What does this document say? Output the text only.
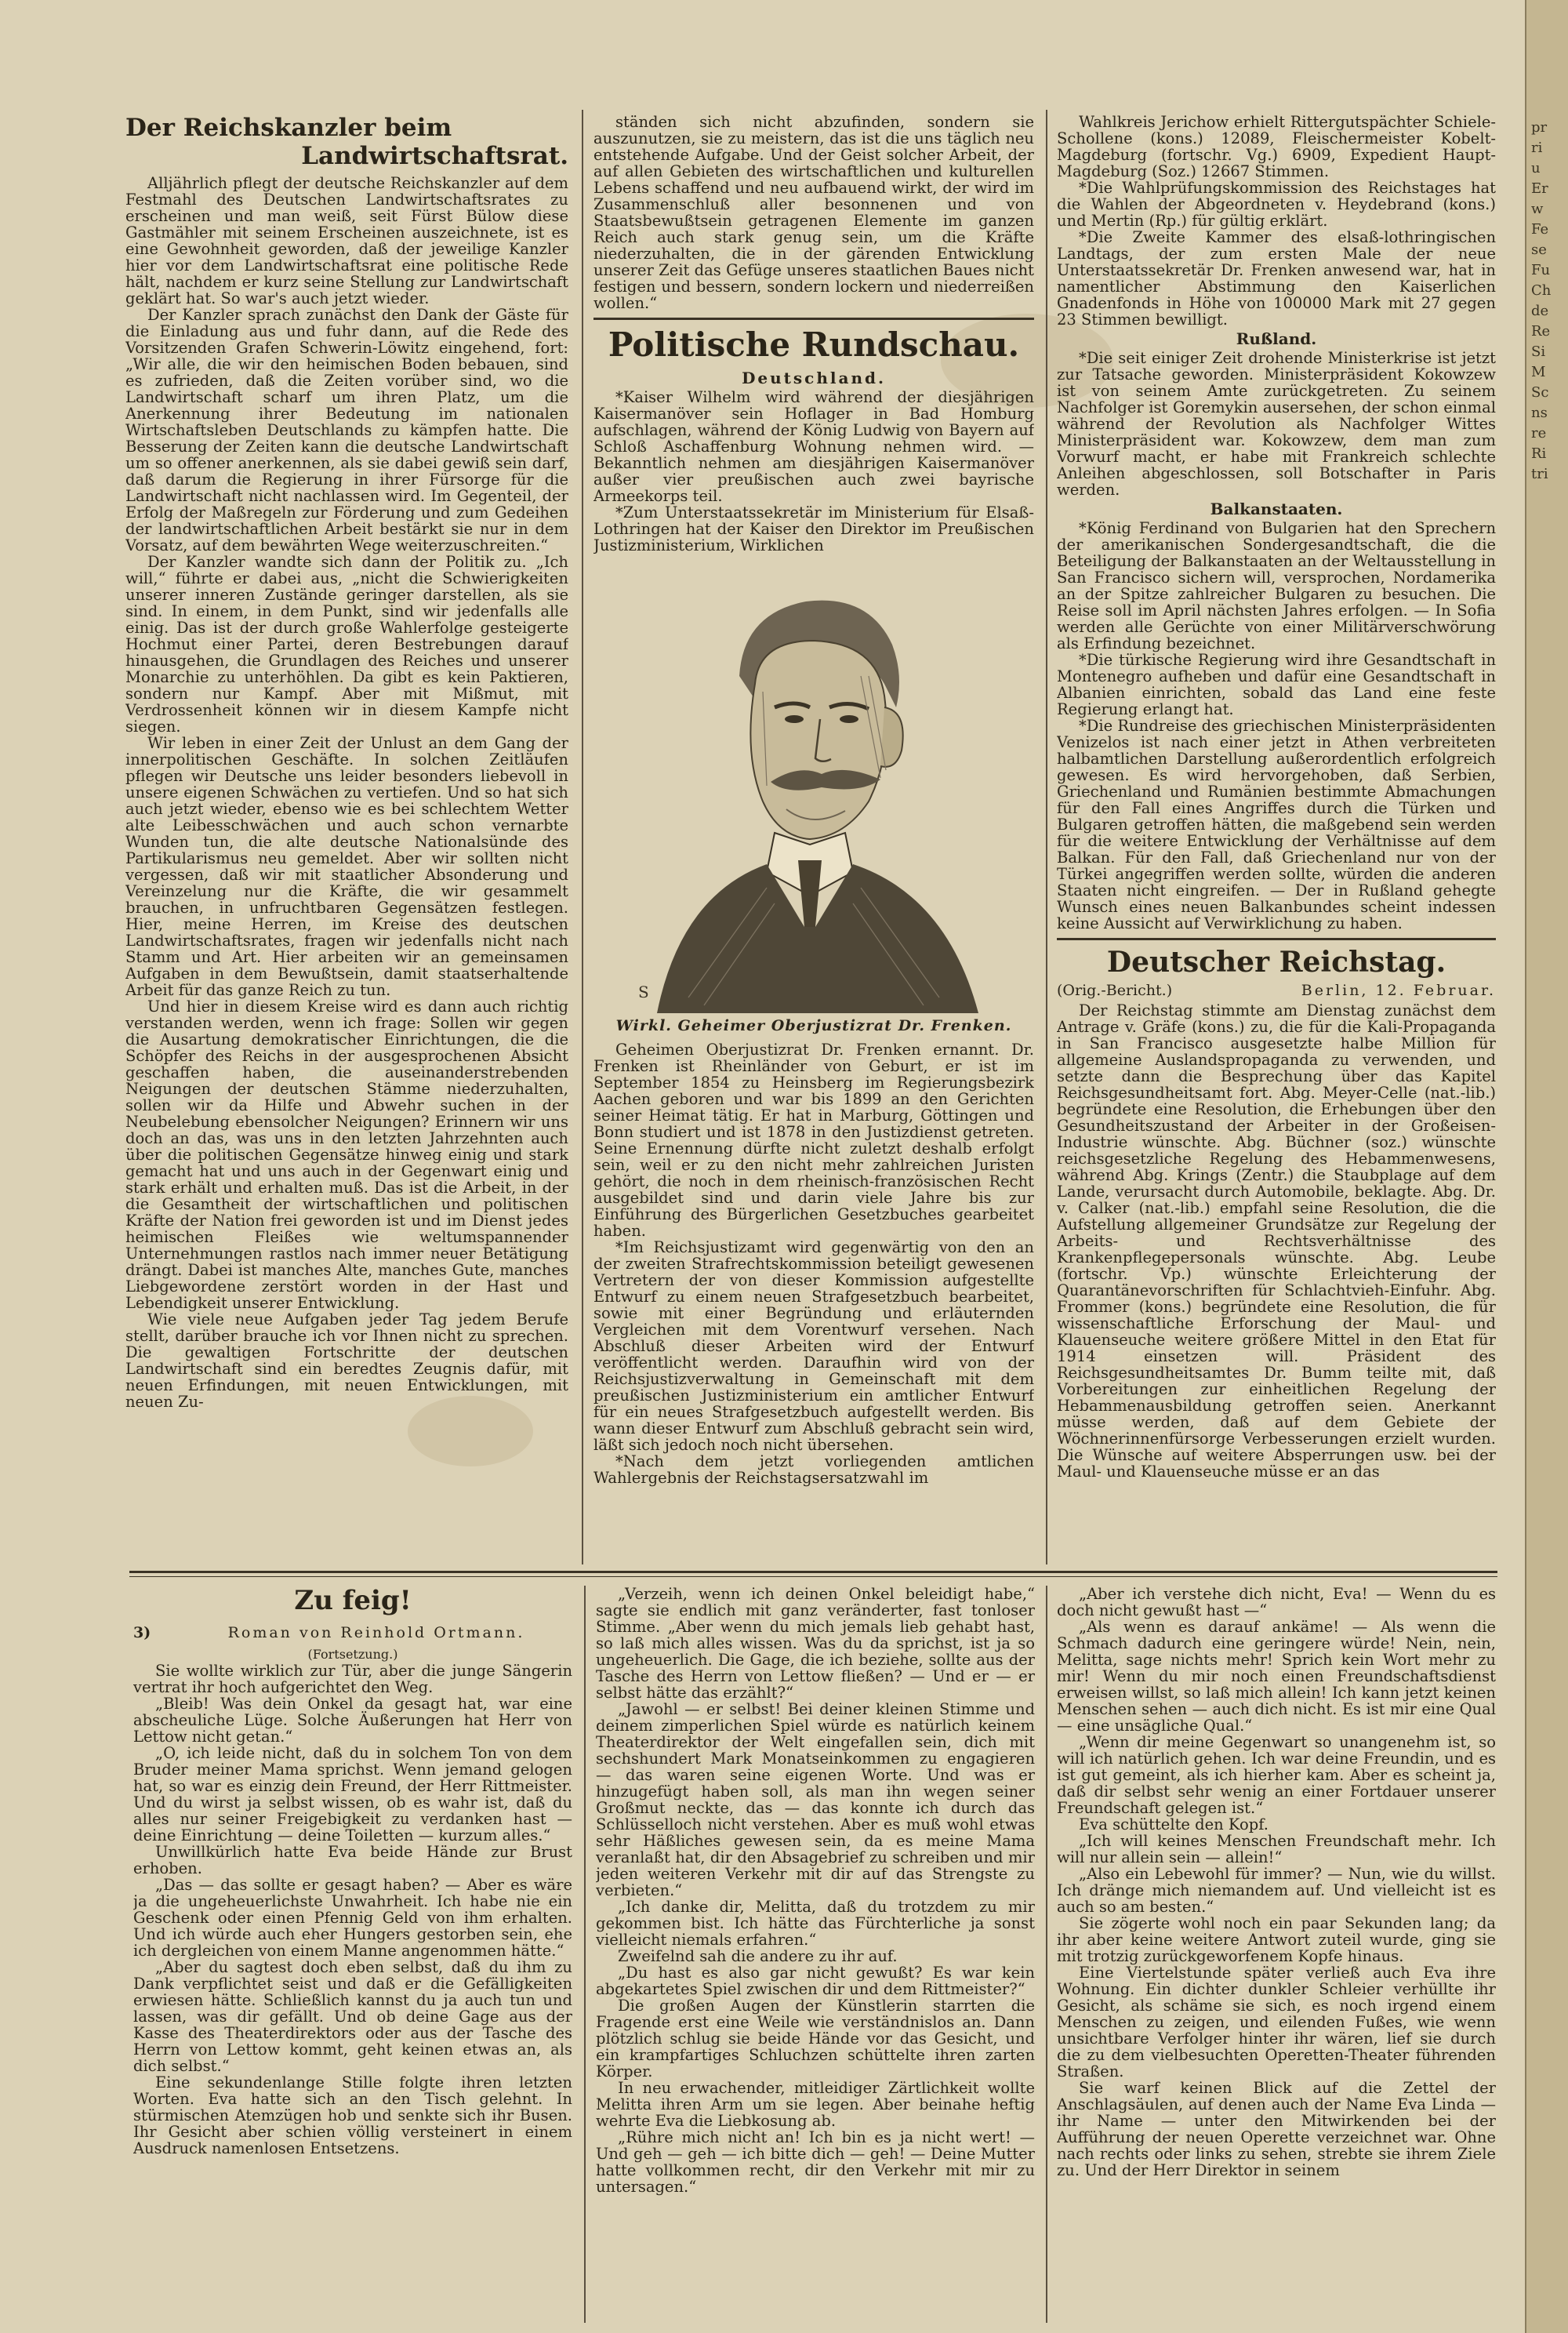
Der Reichskanzler beim
Landwirtschaftsrat.

Alljährlich pflegt der deutsche Reichskanzler auf dem Festmahl des Deutschen Landwirtschaftsrates zu erscheinen und man weiß, seit Fürst Bülow diese Gastmähler mit seinem Erscheinen auszeichnete, ist es eine Gewohnheit geworden, daß der jeweilige Kanzler hier vor dem Landwirtschaftsrat eine politische Rede hält, nachdem er kurz seine Stellung zur Landwirtschaft geklärt hat. So war's auch jetzt wieder.

Der Kanzler sprach zunächst den Dank der Gäste für die Einladung aus und fuhr dann, auf die Rede des Vorsitzenden Grafen Schwerin-Löwitz eingehend, fort: „Wir alle, die wir den heimischen Boden bebauen, sind es zufrieden, daß die Zeiten vorüber sind, wo die Landwirtschaft scharf um ihren Platz, um die Anerkennung ihrer Bedeutung im nationalen Wirtschaftsleben Deutschlands zu kämpfen hatte. Die Besserung der Zeiten kann die deutsche Landwirtschaft um so offener anerkennen, als sie dabei gewiß sein darf, daß darum die Regierung in ihrer Fürsorge für die Landwirtschaft nicht nachlassen wird. Im Gegenteil, der Erfolg der Maßregeln zur Förderung und zum Gedeihen der landwirtschaftlichen Arbeit bestärkt sie nur in dem Vorsatz, auf dem bewährten Wege weiterzuschreiten.“

Der Kanzler wandte sich dann der Politik zu. „Ich will,“ führte er dabei aus, „nicht die Schwierigkeiten unserer inneren Zustände geringer darstellen, als sie sind. In einem, in dem Punkt, sind wir jedenfalls alle einig. Das ist der durch große Wahlerfolge gesteigerte Hochmut einer Partei, deren Bestrebungen darauf hinausgehen, die Grundlagen des Reiches und unserer Monarchie zu unterhöhlen. Da gibt es kein Paktieren, sondern nur Kampf. Aber mit Mißmut, mit Verdrossenheit können wir in diesem Kampfe nicht siegen.

Wir leben in einer Zeit der Unlust an dem Gang der innerpolitischen Geschäfte. In solchen Zeitläufen pflegen wir Deutsche uns leider besonders liebevoll in unsere eigenen Schwächen zu vertiefen. Und so hat sich auch jetzt wieder, ebenso wie es bei schlechtem Wetter alte Leibesschwächen und auch schon vernarbte Wunden tun, die alte deutsche Nationalsünde des Partikularismus neu gemeldet. Aber wir sollten nicht vergessen, daß wir mit staatlicher Absonderung und Vereinzelung nur die Kräfte, die wir gesammelt brauchen, in unfruchtbaren Gegensätzen festlegen. Hier, meine Herren, im Kreise des deutschen Landwirtschaftsrates, fragen wir jedenfalls nicht nach Stamm und Art. Hier arbeiten wir an gemeinsamen Aufgaben in dem Bewußtsein, damit staatserhaltende Arbeit für das ganze Reich zu tun.

Und hier in diesem Kreise wird es dann auch richtig verstanden werden, wenn ich frage: Sollen wir gegen die Ausartung demokratischer Einrichtungen, die die Schöpfer des Reichs in der ausgesprochenen Absicht geschaffen haben, die auseinanderstrebenden Neigungen der deutschen Stämme niederzuhalten, sollen wir da Hilfe und Abwehr suchen in der Neubelebung ebensolcher Neigungen? Erinnern wir uns doch an das, was uns in den letzten Jahrzehnten auch über die politischen Gegensätze hinweg einig und stark gemacht hat und uns auch in der Gegenwart einig und stark erhält und erhalten muß. Das ist die Arbeit, in der die Gesamtheit der wirtschaftlichen und politischen Kräfte der Nation frei geworden ist und im Dienst jedes heimischen Fleißes wie weltumspannender Unternehmungen rastlos nach immer neuer Betätigung drängt. Dabei ist manches Alte, manches Gute, manches Liebgewordene zerstört worden in der Hast und Lebendigkeit unserer Entwicklung.

Wie viele neue Aufgaben jeder Tag jedem Berufe stellt, darüber brauche ich vor Ihnen nicht zu sprechen. Die gewaltigen Fortschritte der deutschen Landwirtschaft sind ein beredtes Zeugnis dafür, mit neuen Erfindungen, mit neuen Entwicklungen, mit neuen Zu-

ständen sich nicht abzufinden, sondern sie auszunutzen, sie zu meistern, das ist die uns täglich neu entstehende Aufgabe. Und der Geist solcher Arbeit, der auf allen Gebieten des wirtschaftlichen und kulturellen Lebens schaffend und neu aufbauend wirkt, der wird im Zusammenschluß aller besonnenen und von Staatsbewußtsein getragenen Elemente im ganzen Reich auch stark genug sein, um die Kräfte niederzuhalten, die in der gärenden Entwicklung unserer Zeit das Gefüge unseres staatlichen Baues nicht festigen und bessern, sondern lockern und niederreißen wollen.“

Politische Rundschau.
Deutschland.

*Kaiser Wilhelm wird während der diesjährigen Kaisermanöver sein Hoflager in Bad Homburg aufschlagen, während der König Ludwig von Bayern auf Schloß Aschaffenburg Wohnung nehmen wird. — Bekanntlich nehmen am diesjährigen Kaisermanöver außer vier preußischen auch zwei bayrische Armeekorps teil.

*Zum Unterstaatssekretär im Ministerium für Elsaß-Lothringen hat der Kaiser den Direktor im Preußischen Justizministerium, Wirklichen

S
Wirkl. Geheimer Oberjustizrat Dr. Frenken.

Geheimen Oberjustizrat Dr. Frenken ernannt. Dr. Frenken ist Rheinländer von Geburt, er ist im September 1854 zu Heinsberg im Regierungsbezirk Aachen geboren und war bis 1899 an den Gerichten seiner Heimat tätig. Er hat in Marburg, Göttingen und Bonn studiert und ist 1878 in den Justizdienst getreten. Seine Ernennung dürfte nicht zuletzt deshalb erfolgt sein, weil er zu den nicht mehr zahlreichen Juristen gehört, die noch in dem rheinisch-französischen Recht ausgebildet sind und darin viele Jahre bis zur Einführung des Bürgerlichen Gesetzbuches gearbeitet haben.

*Im Reichsjustizamt wird gegenwärtig von den an der zweiten Strafrechtskommission beteiligt gewesenen Vertretern der von dieser Kommission aufgestellte Entwurf zu einem neuen Strafgesetzbuch bearbeitet, sowie mit einer Begründung und erläuternden Vergleichen mit dem Vorentwurf versehen. Nach Abschluß dieser Arbeiten wird der Entwurf veröffentlicht werden. Daraufhin wird von der Reichsjustizverwaltung in Gemeinschaft mit dem preußischen Justizministerium ein amtlicher Entwurf für ein neues Strafgesetzbuch aufgestellt werden. Bis wann dieser Entwurf zum Abschluß gebracht sein wird, läßt sich jedoch noch nicht übersehen.

*Nach dem jetzt vorliegenden amtlichen Wahlergebnis der Reichstagsersatzwahl im

Wahlkreis Jerichow erhielt Rittergutspächter Schiele-Schollene (kons.) 12089, Fleischermeister Kobelt-Magdeburg (fortschr. Vg.) 6909, Expedient Haupt-Magdeburg (Soz.) 12667 Stimmen.

*Die Wahlprüfungskommission des Reichstages hat die Wahlen der Abgeordneten v. Heydebrand (kons.) und Mertin (Rp.) für gültig erklärt.

*Die Zweite Kammer des elsaß-lothringischen Landtags, der zum ersten Male der neue Unterstaatssekretär Dr. Frenken anwesend war, hat in namentlicher Abstimmung den Kaiserlichen Gnadenfonds in Höhe von 100000 Mark mit 27 gegen 23 Stimmen bewilligt.

Rußland.

*Die seit einiger Zeit drohende Ministerkrise ist jetzt zur Tatsache geworden. Ministerpräsident Kokowzew ist von seinem Amte zurückgetreten. Zu seinem Nachfolger ist Goremykin ausersehen, der schon einmal während der Revolution als Nachfolger Wittes Ministerpräsident war. Kokowzew, dem man zum Vorwurf macht, er habe mit Frankreich schlechte Anleihen abgeschlossen, soll Botschafter in Paris werden.

Balkanstaaten.

*König Ferdinand von Bulgarien hat den Sprechern der amerikanischen Sondergesandtschaft, die die Beteiligung der Balkanstaaten an der Weltausstellung in San Francisco sichern will, versprochen, Nordamerika an der Spitze zahlreicher Bulgaren zu besuchen. Die Reise soll im April nächsten Jahres erfolgen. — In Sofia werden alle Gerüchte von einer Militärverschwörung als Erfindung bezeichnet.

*Die türkische Regierung wird ihre Gesandtschaft in Montenegro aufheben und dafür eine Gesandtschaft in Albanien einrichten, sobald das Land eine feste Regierung erlangt hat.

*Die Rundreise des griechischen Ministerpräsidenten Venizelos ist nach einer jetzt in Athen verbreiteten halbamtlichen Darstellung außerordentlich erfolgreich gewesen. Es wird hervorgehoben, daß Serbien, Griechenland und Rumänien bestimmte Abmachungen für den Fall eines Angriffes durch die Türken und Bulgaren getroffen hätten, die maßgebend sein werden für die weitere Entwicklung der Verhältnisse auf dem Balkan. Für den Fall, daß Griechenland nur von der Türkei angegriffen werden sollte, würden die anderen Staaten nicht eingreifen. — Der in Rußland gehegte Wunsch eines neuen Balkanbundes scheint indessen keine Aussicht auf Verwirklichung zu haben.

Deutscher Reichstag.
(Orig.-Bericht.)	Berlin, 12. Februar.

Der Reichstag stimmte am Dienstag zunächst dem Antrage v. Gräfe (kons.) zu, die für die Kali-Propaganda in San Francisco ausgesetzte halbe Million für allgemeine Auslandspropaganda zu verwenden, und setzte dann die Besprechung über das Kapitel Reichsgesundheitsamt fort. Abg. Meyer-Celle (nat.-lib.) begründete eine Resolution, die Erhebungen über den Gesundheitszustand der Arbeiter in der Großeisen-Industrie wünschte. Abg. Büchner (soz.) wünschte reichsgesetzliche Regelung des Hebammenwesens, während Abg. Krings (Zentr.) die Staubplage auf dem Lande, verursacht durch Automobile, beklagte. Abg. Dr. v. Calker (nat.-lib.) empfahl seine Resolution, die die Aufstellung allgemeiner Grundsätze zur Regelung der Arbeits- und Rechtsverhältnisse des Krankenpflegepersonals wünschte. Abg. Leube (fortschr. Vp.) wünschte Erleichterung der Quarantänevorschriften für Schlachtvieh-Einfuhr. Abg. Frommer (kons.) begründete eine Resolution, die für wissenschaftliche Erforschung der Maul- und Klauenseuche weitere größere Mittel in den Etat für 1914 einsetzen will. Präsident des Reichsgesundheitsamtes Dr. Bumm teilte mit, daß Vorbereitungen zur einheitlichen Regelung der Hebammenausbildung getroffen seien. Anerkannt müsse werden, daß auf dem Gebiete der Wöchnerinnenfürsorge Verbesserungen erzielt wurden. Die Wünsche auf weitere Absperrungen usw. bei der Maul- und Klauenseuche müsse er an das

Zu feig!
3)	Roman von Reinhold Ortmann.
(Fortsetzung.)

Sie wollte wirklich zur Tür, aber die junge Sängerin vertrat ihr hoch aufgerichtet den Weg.

„Bleib! Was dein Onkel da gesagt hat, war eine abscheuliche Lüge. Solche Äußerungen hat Herr von Lettow nicht getan.“

„O, ich leide nicht, daß du in solchem Ton von dem Bruder meiner Mama sprichst. Wenn jemand gelogen hat, so war es einzig dein Freund, der Herr Rittmeister. Und du wirst ja selbst wissen, ob es wahr ist, daß du alles nur seiner Freigebigkeit zu verdanken hast — deine Einrichtung — deine Toiletten — kurzum alles.“

Unwillkürlich hatte Eva beide Hände zur Brust erhoben.

„Das — das sollte er gesagt haben? — Aber es wäre ja die ungeheuerlichste Unwahrheit. Ich habe nie ein Geschenk oder einen Pfennig Geld von ihm erhalten. Und ich würde auch eher Hungers gestorben sein, ehe ich dergleichen von einem Manne angenommen hätte.“

„Aber du sagtest doch eben selbst, daß du ihm zu Dank verpflichtet seist und daß er die Gefälligkeiten erwiesen hätte. Schließlich kannst du ja auch tun und lassen, was dir gefällt. Und ob deine Gage aus der Kasse des Theaterdirektors oder aus der Tasche des Herrn von Lettow kommt, geht keinen etwas an, als dich selbst.“

Eine sekundenlange Stille folgte ihren letzten Worten. Eva hatte sich an den Tisch gelehnt. In stürmischen Atemzügen hob und senkte sich ihr Busen. Ihr Gesicht aber schien völlig versteinert in einem Ausdruck namenlosen Entsetzens.

„Verzeih, wenn ich deinen Onkel beleidigt habe,“ sagte sie endlich mit ganz veränderter, fast tonloser Stimme. „Aber wenn du mich jemals lieb gehabt hast, so laß mich alles wissen. Was du da sprichst, ist ja so ungeheuerlich. Die Gage, die ich beziehe, sollte aus der Tasche des Herrn von Lettow fließen? — Und er — er selbst hätte das erzählt?“

„Jawohl — er selbst! Bei deiner kleinen Stimme und deinem zimperlichen Spiel würde es natürlich keinem Theaterdirektor der Welt eingefallen sein, dich mit sechshundert Mark Monatseinkommen zu engagieren — das waren seine eigenen Worte. Und was er hinzugefügt haben soll, als man ihn wegen seiner Großmut neckte, das — das konnte ich durch das Schlüsselloch nicht verstehen. Aber es muß wohl etwas sehr Häßliches gewesen sein, da es meine Mama veranlaßt hat, dir den Absagebrief zu schreiben und mir jeden weiteren Verkehr mit dir auf das Strengste zu verbieten.“

„Ich danke dir, Melitta, daß du trotzdem zu mir gekommen bist. Ich hätte das Fürchterliche ja sonst vielleicht niemals erfahren.“

Zweifelnd sah die andere zu ihr auf.

„Du hast es also gar nicht gewußt? Es war kein abgekartetes Spiel zwischen dir und dem Rittmeister?“

Die großen Augen der Künstlerin starrten die Fragende erst eine Weile wie verständnislos an. Dann plötzlich schlug sie beide Hände vor das Gesicht, und ein krampfartiges Schluchzen schüttelte ihren zarten Körper.

In neu erwachender, mitleidiger Zärtlichkeit wollte Melitta ihren Arm um sie legen. Aber beinahe heftig wehrte Eva die Liebkosung ab.

„Rühre mich nicht an! Ich bin es ja nicht wert! — Und geh — geh — ich bitte dich — geh! — Deine Mutter hatte vollkommen recht, dir den Verkehr mit mir zu untersagen.“

„Aber ich verstehe dich nicht, Eva! — Wenn du es doch nicht gewußt hast —“

„Als wenn es darauf ankäme! — Als wenn die Schmach dadurch eine geringere würde! Nein, nein, Melitta, sage nichts mehr! Sprich kein Wort mehr zu mir! Wenn du mir noch einen Freundschaftsdienst erweisen willst, so laß mich allein! Ich kann jetzt keinen Menschen sehen — auch dich nicht. Es ist mir eine Qual — eine unsägliche Qual.“

„Wenn dir meine Gegenwart so unangenehm ist, so will ich natürlich gehen. Ich war deine Freundin, und es ist gut gemeint, als ich hierher kam. Aber es scheint ja, daß dir selbst sehr wenig an einer Fortdauer unserer Freundschaft gelegen ist.“

Eva schüttelte den Kopf.

„Ich will keines Menschen Freundschaft mehr. Ich will nur allein sein — allein!“

„Also ein Lebewohl für immer? — Nun, wie du willst. Ich dränge mich niemandem auf. Und vielleicht ist es auch so am besten.“

Sie zögerte wohl noch ein paar Sekunden lang; da ihr aber keine weitere Antwort zuteil wurde, ging sie mit trotzig zurückgeworfenem Kopfe hinaus.

Eine Viertelstunde später verließ auch Eva ihre Wohnung. Ein dichter dunkler Schleier verhüllte ihr Gesicht, als schäme sie sich, es noch irgend einem Menschen zu zeigen, und eilenden Fußes, wie wenn unsichtbare Verfolger hinter ihr wären, lief sie durch die zu dem vielbesuchten Operetten-Theater führenden Straßen.

Sie warf keinen Blick auf die Zettel der Anschlagsäulen, auf denen auch der Name Eva Linda — ihr Name — unter den Mitwirkenden bei der Aufführung der neuen Operette verzeichnet war. Ohne nach rechts oder links zu sehen, strebte sie ihrem Ziele zu. Und der Herr Direktor in seinem

pr
ri
u
Er
w
Fe
se
Fu
Ch
de
Re
Si
M
Sc
ns
re
Ri
tri
